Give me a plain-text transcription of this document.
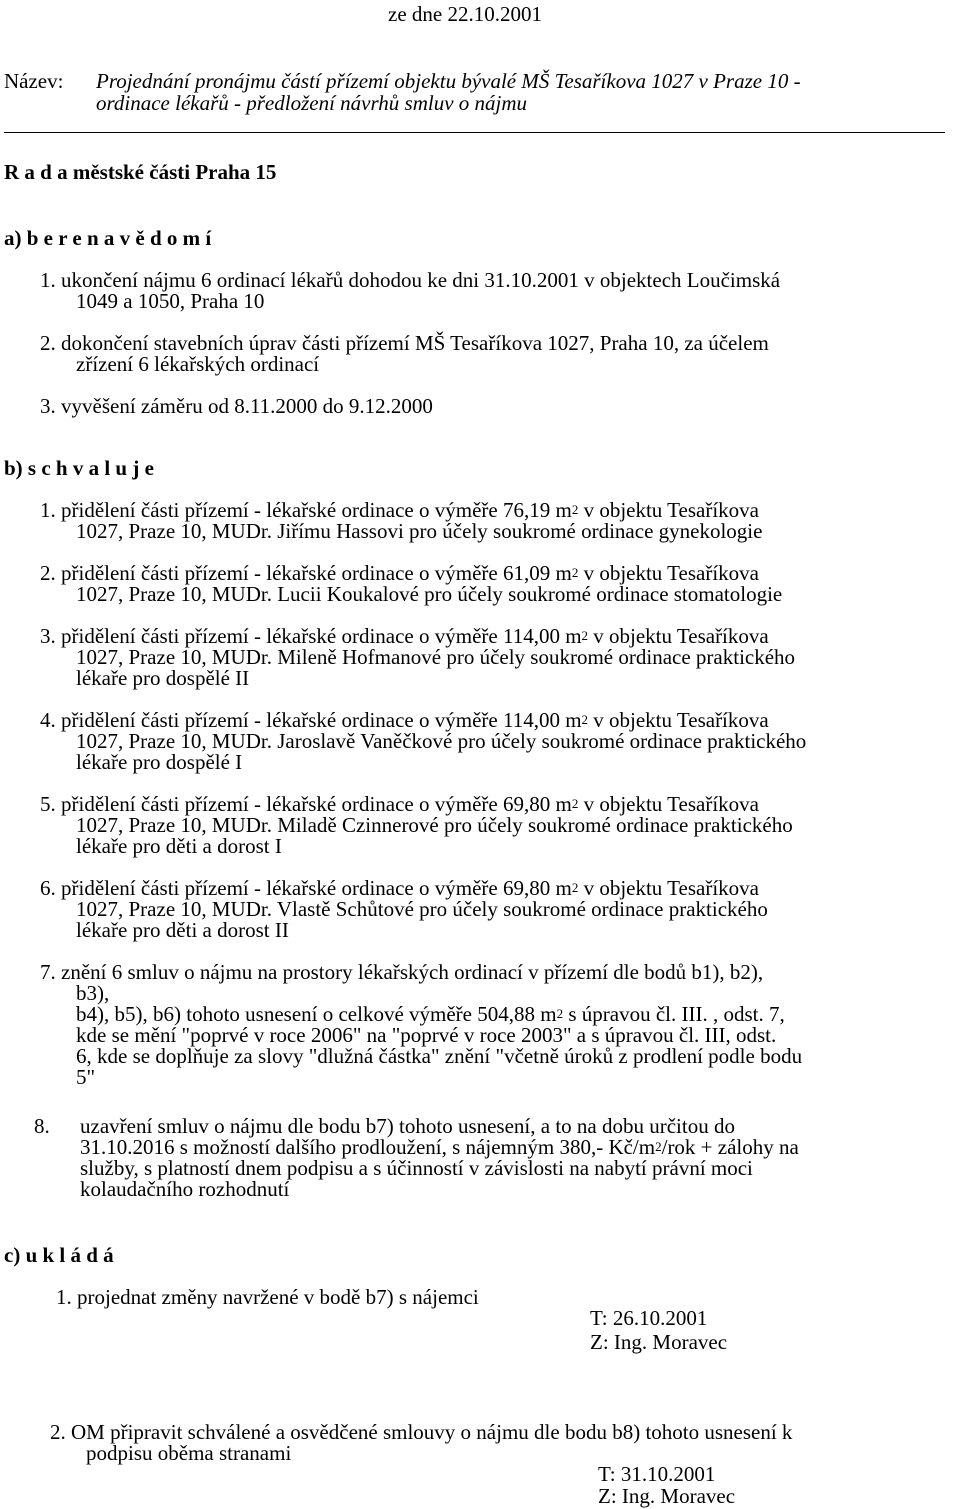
ze dne 22.10.2001
Název: Projednání pronájmu částí přízemí objektu bývalé MŠ Tesaříkova 1027 v Praze 10 -
ordinace lékařů - předložení návrhů smluv o nájmu
R a d a městské části Praha 15
a) b e r e n a v ě d o m í
1. ukončení nájmu 6 ordinací lékařů dohodou ke dni 31.10.2001 v objektech Loučimská
1049 a 1050, Praha 10
2. dokončení stavebních úprav části přízemí MŠ Tesaříkova 1027, Praha 10, za účelem
zřízení 6 lékařských ordinací
3. vyvěšení záměru od 8.11.2000 do 9.12.2000
b) s c h v a l u j e
1. přidělení části přízemí - lékařské ordinace o výměře 76,19 $m^2$ v objektu Tesaříkova
1027, Praze 10, MUDr. Jiřímu Hassovi pro účely soukromé ordinace gynekologie
2. přidělení části přízemí - lékařské ordinace o výměře 61,09 $m^2$ v objektu Tesaříkova
1027, Praze 10, MUDr. Lucii Koukalové pro účely soukromé ordinace stomatologie
3. přidělení části přízemí - lékařské ordinace o výměře 114,00 $m^2$ v objektu Tesaříkova
1027, Praze 10, MUDr. Mileně Hofmanové pro účely soukromé ordinace praktického
lékaře pro dospělé II
4. přidělení části přízemí - lékařské ordinace o výměře 114,00 $m^2$ v objektu Tesaříkova
1027, Praze 10, MUDr. Jaroslavě Vaněčkové pro účely soukromé ordinace praktického
lékaře pro dospělé I
5. přidělení části přízemí - lékařské ordinace o výměře 69,80 $m^2$ v objektu Tesaříkova
1027, Praze 10, MUDr. Miladě Czinnerové pro účely soukromé ordinace praktického
lékaře pro děti a dorost I
6. přidělení části přízemí - lékařské ordinace o výměře 69,80 $m^2$ v objektu Tesaříkova
1027, Praze 10, MUDr. Vlastě Schůtové pro účely soukromé ordinace praktického
lékaře pro děti a dorost II
7. znění 6 smluv o nájmu na prostory lékařských ordinací v přízemí dle bodů b1), b2),
b3),
b4), b5), b6) tohoto usnesení o celkové výměře 504,88 $m^2$ s úpravou čl. III. , odst. 7,
kde se mění "poprvé v roce 2006" na "poprvé v roce 2003" a s úpravou čl. III, odst.
6, kde se doplňuje za slovy "dlužná částka" znění "včetně úroků z prodlení podle bodu
5"
8. uzavření smluv o nájmu dle bodu b7) tohoto usnesení, a to na dobu určitou do
31.10.2016 s možností dalšího prodloužení, s nájemným 380,- $Kč/m^2$/rok + zálohy na
služby, s platností dnem podpisu a s účinností v závislosti na nabytí právní moci
kolaudačního rozhodnutí
c) u k l á d á
1. projednat změny navržené v bodě b7) s nájemci
T: 26.10.2001
Z: Ing. Moravec
2. OM připravit schválené a osvědčené smlouvy o nájmu dle bodu b8) tohoto usnesení k
podpisu oběma stranami
T: 31.10.2001
Z: Ing. Moravec
